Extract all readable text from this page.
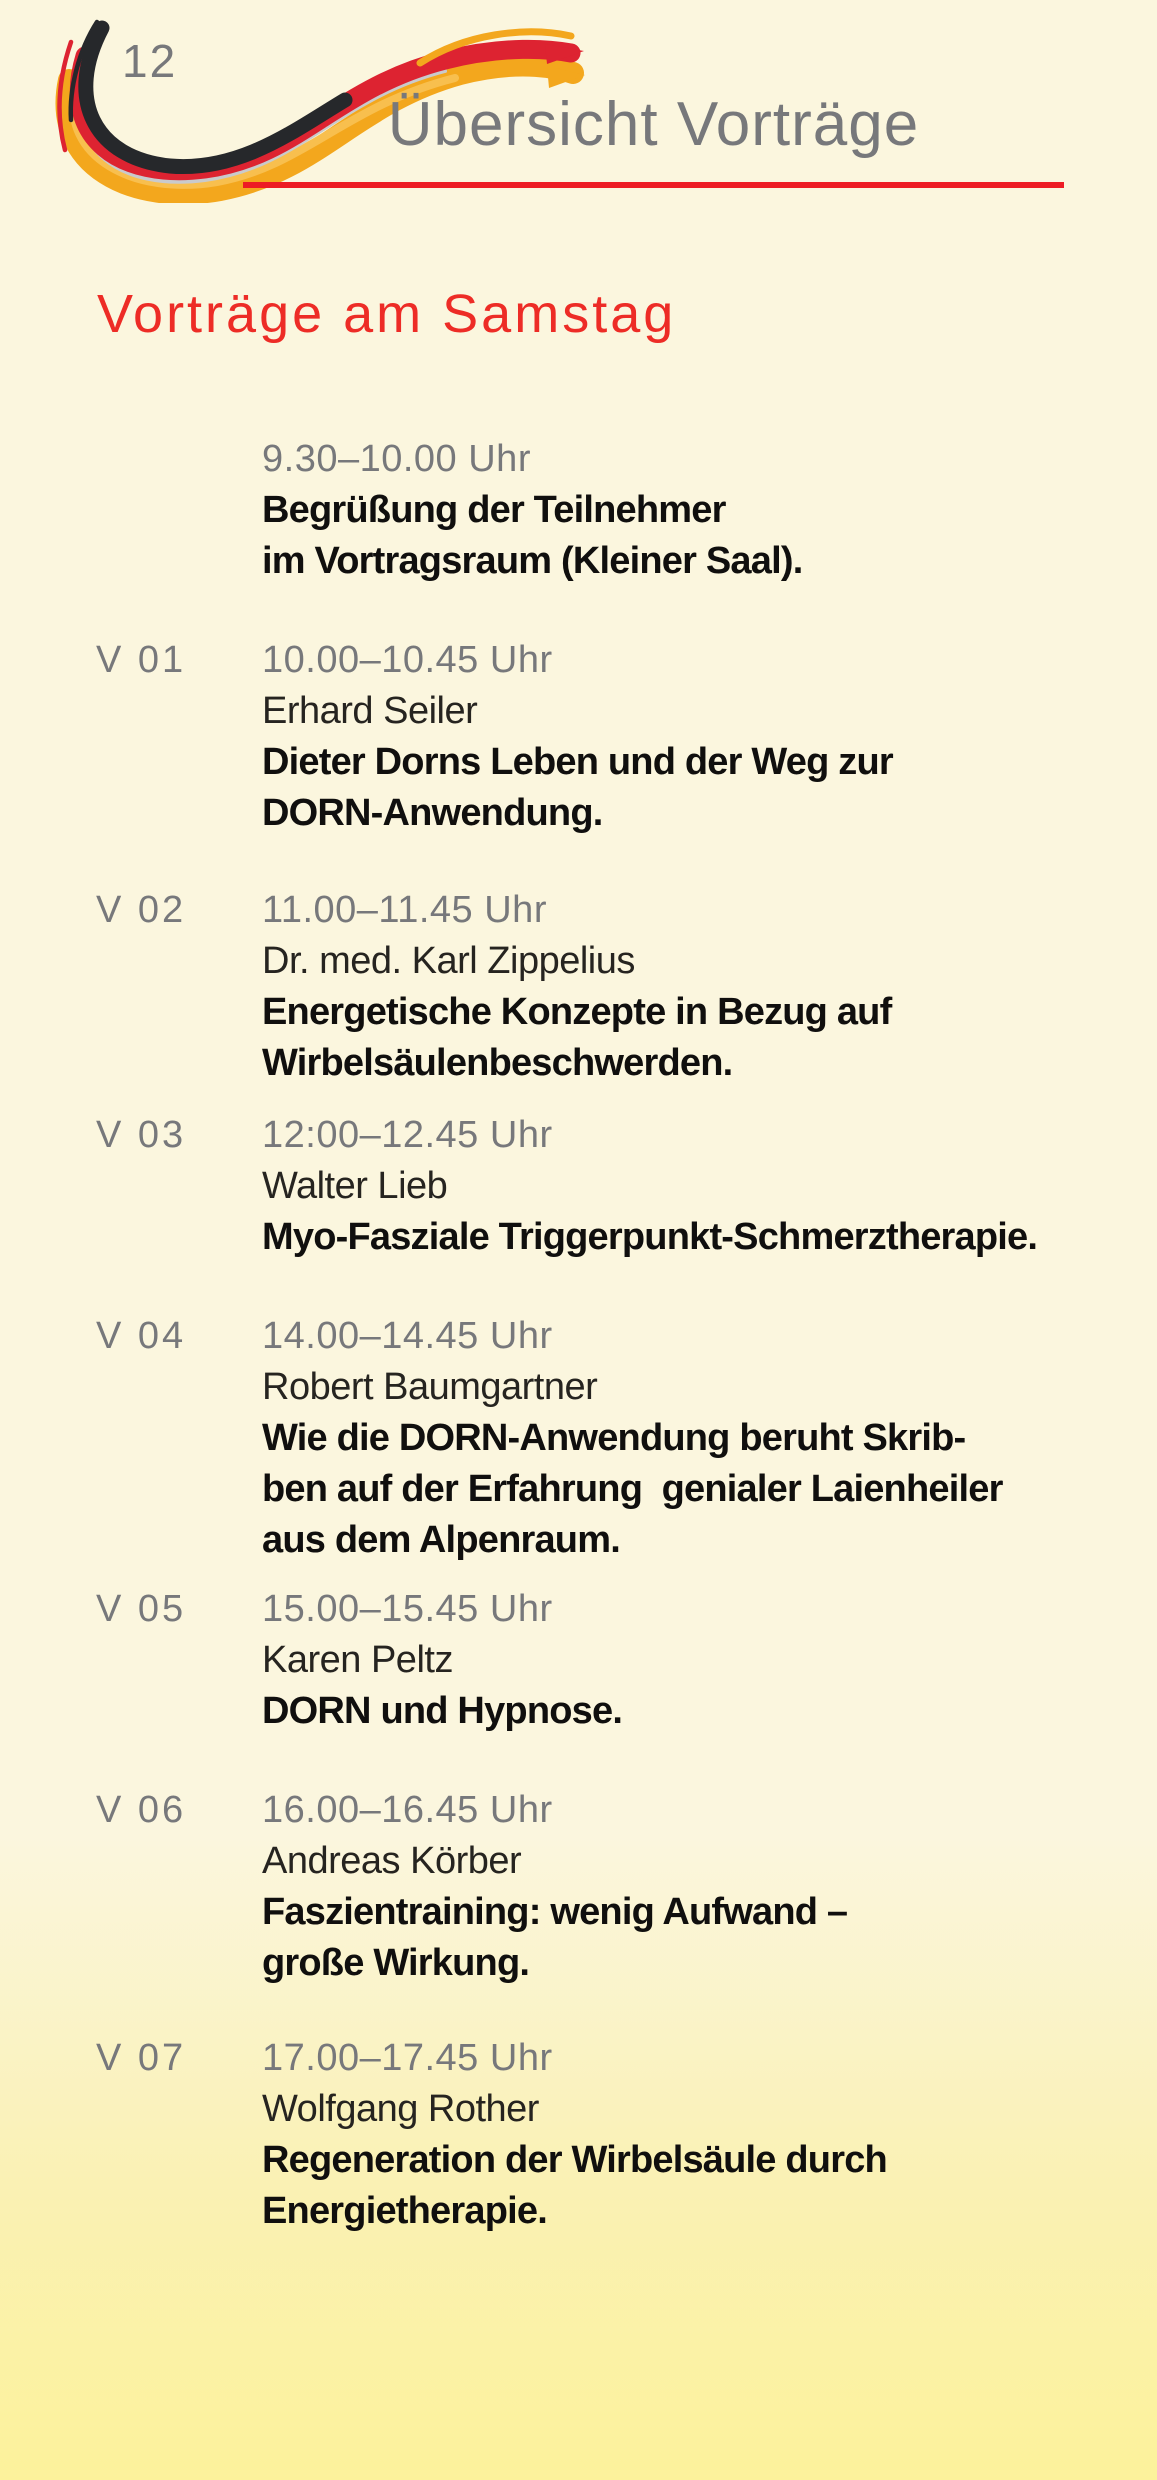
12
Übersicht Vorträge
Vorträge am Samstag
9.30–10.00 Uhr
Begrüßung der Teilnehmer
im Vortragsraum (Kleiner Saal).
V 01 10.00–10.45 Uhr
Erhard Seiler
Dieter Dorns Leben und der Weg zur
DORN-Anwendung.
V 02 11.00–11.45 Uhr
Dr. med. Karl Zippelius
Energetische Konzepte in Bezug auf
Wirbelsäulenbeschwerden.
V 03 12:00–12.45 Uhr
Walter Lieb
Myo-Fasziale Triggerpunkt-Schmerztherapie.
V 04 14.00–14.45 Uhr
Robert Baumgartner
Wie die DORN-Anwendung beruht Skrib-
ben auf der Erfahrung  genialer Laienheiler
aus dem Alpenraum.
V 05 15.00–15.45 Uhr
Karen Peltz
DORN und Hypnose.
V 06 16.00–16.45 Uhr
Andreas Körber
Faszientraining: wenig Aufwand –
große Wirkung.
V 07 17.00–17.45 Uhr
Wolfgang Rother
Regeneration der Wirbelsäule durch
Energietherapie.
